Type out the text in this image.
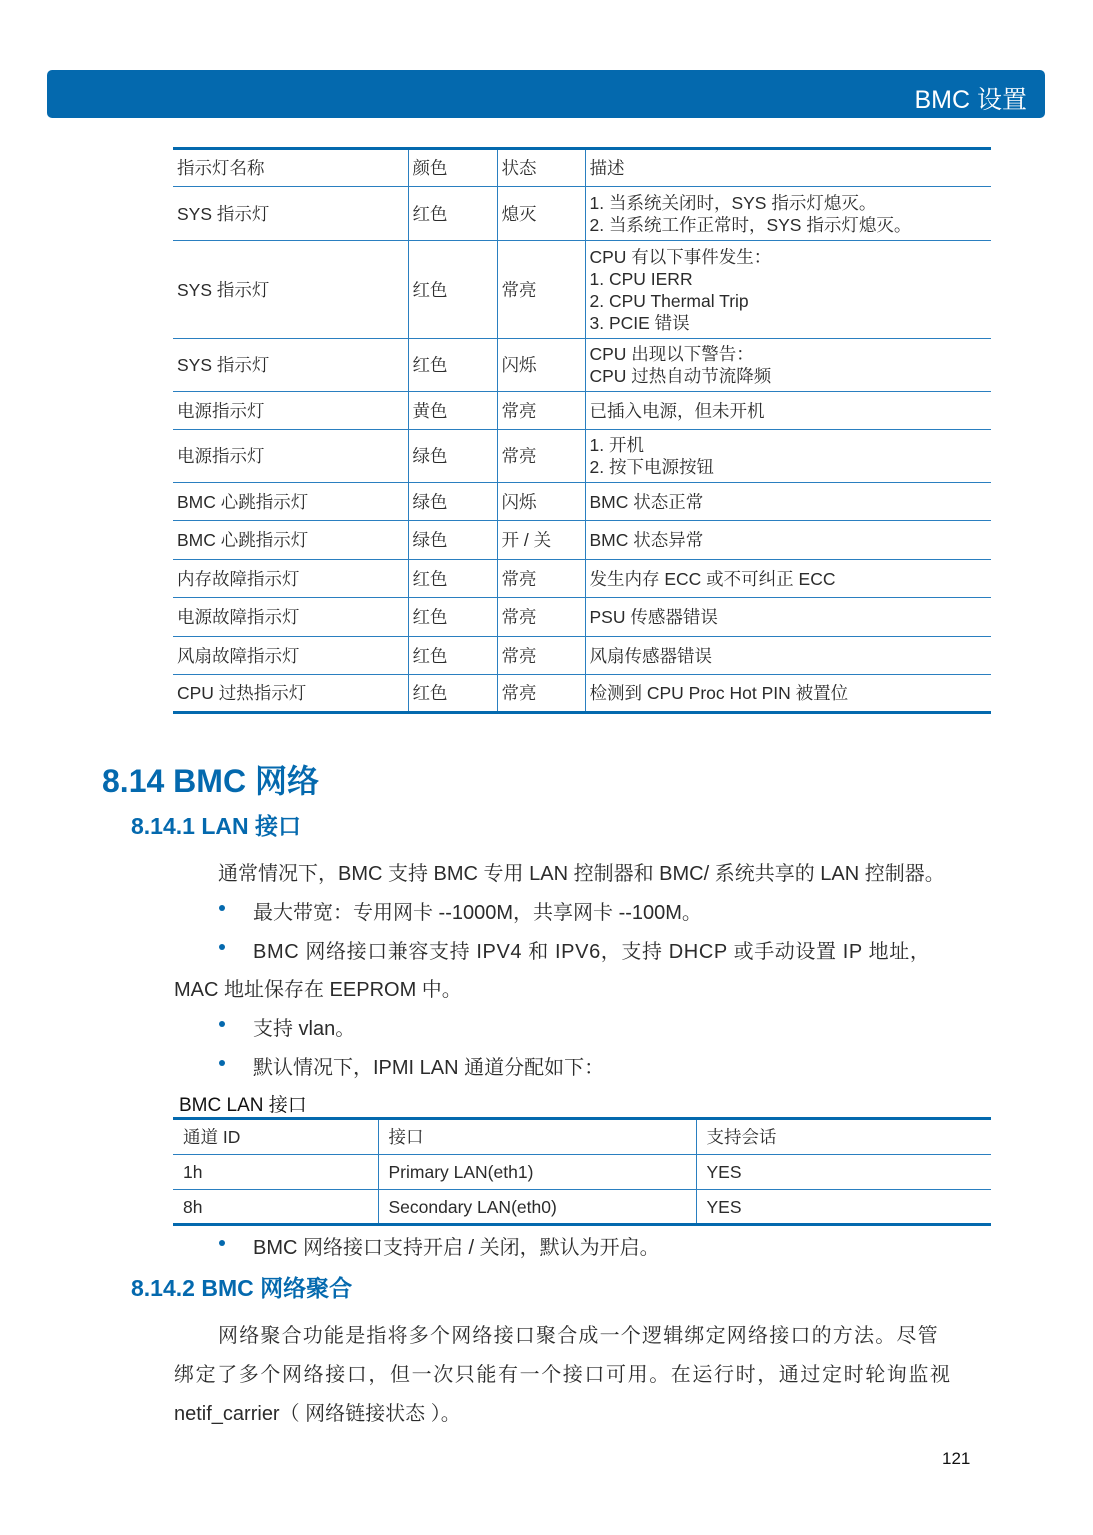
BMC 设置
指示灯名称	颜色	状态	描述
SYS 指示灯	红色	熄灭	1. 当系统关闭时，SYS 指示灯熄灭。
2. 当系统工作正常时，SYS 指示灯熄灭。

SYS 指示灯	红色	常亮	CPU 有以下事件发生：
1. CPU IERR
2. CPU Thermal Trip
3. PCIE 错误

SYS 指示灯	红色	闪烁	CPU 出现以下警告：
CPU 过热自动节流降频

电源指示灯	黄色	常亮	已插入电源，但未开机

电源指示灯	绿色	常亮	1. 开机
2. 按下电源按钮

BMC 心跳指示灯	绿色	闪烁	BMC 状态正常

BMC 心跳指示灯	绿色	开 / 关	BMC 状态异常

内存故障指示灯	红色	常亮	发生内存 ECC 或不可纠正 ECC

电源故障指示灯	红色	常亮	PSU 传感器错误

风扇故障指示灯	红色	常亮	风扇传感器错误

CPU 过热指示灯	红色	常亮	检测到 CPU Proc Hot PIN 被置位
8.14 BMC 网络
8.14.1 LAN 接口
通常情况下，BMC 支持 BMC 专用 LAN 控制器和 BMC/ 系统共享的 LAN 控制器。
最大带宽：专用网卡 --1000M，共享网卡 --100M。
BMC 网络接口兼容支持 IPV4 和 IPV6，支持 DHCP 或手动设置 IP 地址，
MAC 地址保存在 EEPROM 中。
支持 vlan。
默认情况下，IPMI LAN 通道分配如下：
BMC LAN 接口
通道 ID	接口	支持会话
1h	Primary LAN(eth1)	YES
8h	Secondary LAN(eth0)	YES
BMC 网络接口支持开启 / 关闭，默认为开启。
8.14.2 BMC 网络聚合
网络聚合功能是指将多个网络接口聚合成一个逻辑绑定网络接口的方法。尽管
绑定了多个网络接口，但一次只能有一个接口可用。在运行时，通过定时轮询监视
netif_carrier（ 网络链接状态 ）。
121
